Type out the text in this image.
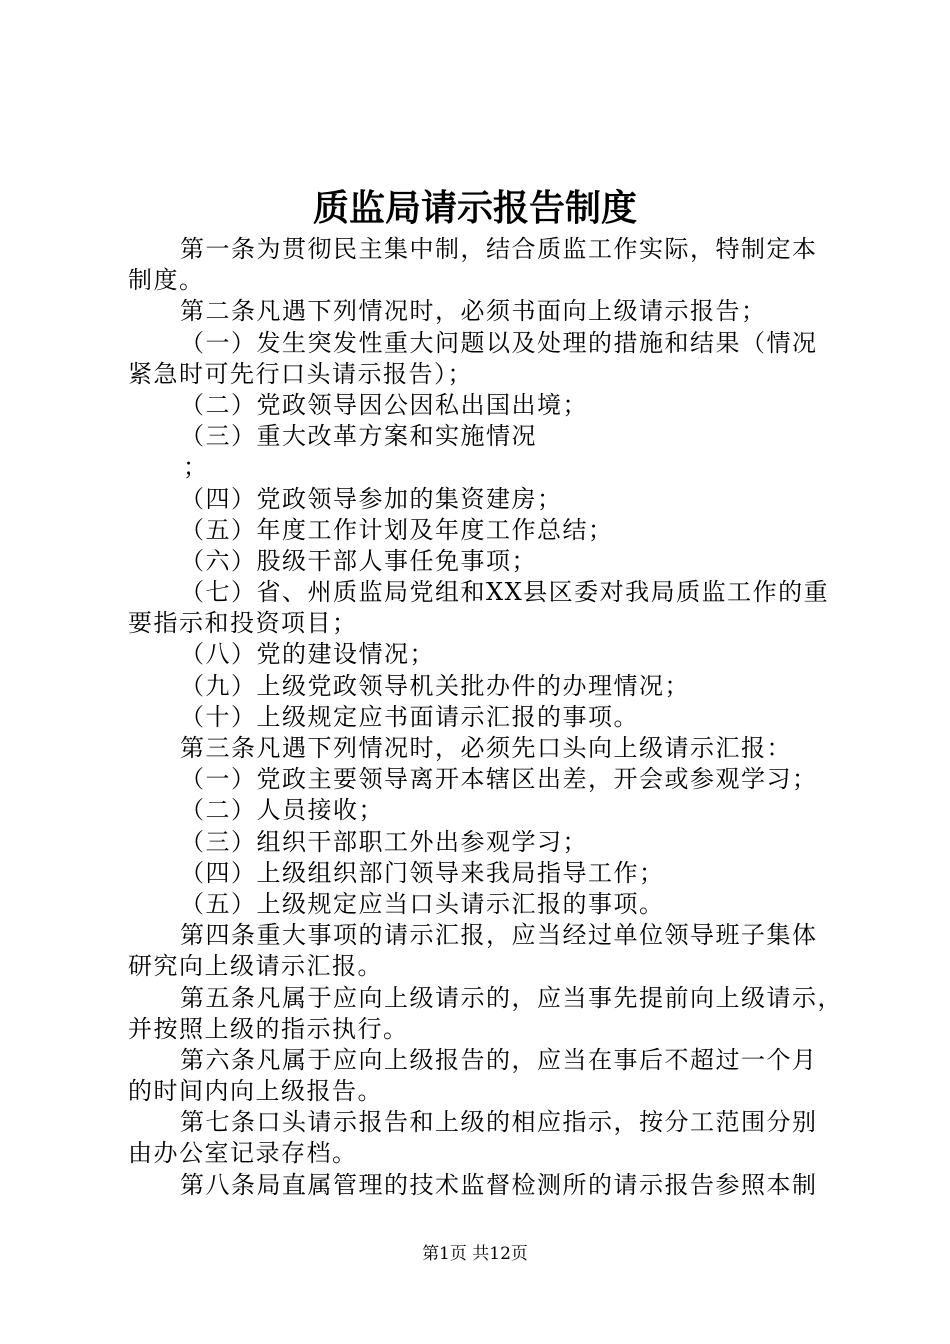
质监局请示报告制度
第一条为贯彻民主集中制，结合质监工作实际，特制定本
制度。
第二条凡遇下列情况时，必须书面向上级请示报告；
（一）发生突发性重大问题以及处理的措施和结果（情况
紧急时可先行口头请示报告）；
（二）党政领导因公因私出国出境；
（三）重大改革方案和实施情况
；
（四）党政领导参加的集资建房；
（五）年度工作计划及年度工作总结；
（六）股级干部人事任免事项；
（七）省、州质监局党组和XX县区委对我局质监工作的重
要指示和投资项目；
（八）党的建设情况；
（九）上级党政领导机关批办件的办理情况；
（十）上级规定应书面请示汇报的事项。
第三条凡遇下列情况时，必须先口头向上级请示汇报：
（一）党政主要领导离开本辖区出差，开会或参观学习；
（二）人员接收；
（三）组织干部职工外出参观学习；
（四）上级组织部门领导来我局指导工作；
（五）上级规定应当口头请示汇报的事项。
第四条重大事项的请示汇报，应当经过单位领导班子集体
研究向上级请示汇报。
第五条凡属于应向上级请示的，应当事先提前向上级请示，
并按照上级的指示执行。
第六条凡属于应向上级报告的，应当在事后不超过一个月
的时间内向上级报告。
第七条口头请示报告和上级的相应指示，按分工范围分别
由办公室记录存档。
第八条局直属管理的技术监督检测所的请示报告参照本制
第1页 共12页
